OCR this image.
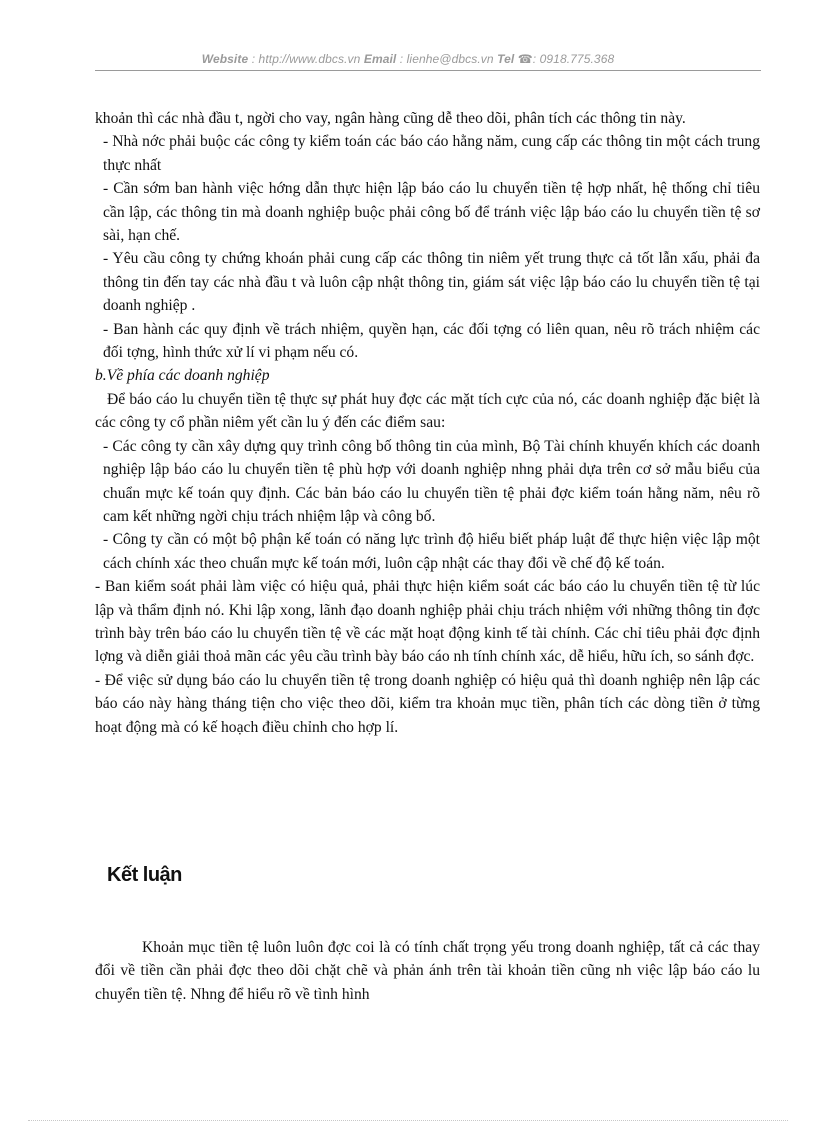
Website : http://www.dbcs.vn Email : lienhe@dbcs.vn Tel ☎: 0918.775.368

khoản thì các nhà đầu t, ngời cho vay, ngân hàng cũng dễ theo dõi, phân tích các thông tin này.

- Nhà nớc phải buộc các công ty kiểm toán các báo cáo hằng năm, cung cấp các thông tin một cách trung thực nhất

- Cần sớm ban hành việc hớng dẫn thực hiện lập báo cáo lu chuyển tiền tệ hợp nhất, hệ thống chỉ tiêu cần lập, các thông tin mà doanh nghiệp buộc phải công bố để tránh việc lập báo cáo lu chuyển tiền tệ sơ sài, hạn chế.

- Yêu cầu công ty chứng khoán phải cung cấp các thông tin niêm yết trung thực cả tốt lẫn xấu, phải đa thông tin đến tay các nhà đầu t và luôn cập nhật thông tin, giám sát việc lập báo cáo lu chuyển tiền tệ tại doanh nghiệp .

- Ban hành các quy định về trách nhiệm, quyền hạn, các đối tợng có liên quan, nêu rõ trách nhiệm các đối tợng, hình thức xử lí vi phạm nếu có.

b.Về phía các doanh nghiệp

Để báo cáo lu chuyển tiền tệ thực sự phát huy đợc các mặt tích cực của nó, các doanh nghiệp đặc biệt là các công ty cổ phần niêm yết cần lu ý đến các điểm sau:

- Các công ty cần xây dựng quy trình công bố thông tin của mình, Bộ Tài chính khuyến khích các doanh nghiệp lập báo cáo lu chuyển tiền tệ phù hợp với doanh nghiệp nhng phải dựa trên cơ sở mẫu biểu của chuẩn mực kế toán quy định. Các bản báo cáo lu chuyển tiền tệ phải đợc kiểm toán hằng năm, nêu rõ cam kết những ngời chịu trách nhiệm lập và công bố.

- Công ty cần có một bộ phận kế toán có năng lực trình độ hiểu biết pháp luật để thực hiện việc lập một cách chính xác theo chuẩn mực kế toán mới, luôn cập nhật các thay đổi về chế độ kế toán.

- Ban kiểm soát phải làm việc có hiệu quả, phải thực hiện kiểm soát các báo cáo lu chuyển tiền tệ từ lúc lập và thẩm định nó. Khi lập xong, lãnh đạo doanh nghiệp phải chịu trách nhiệm với những thông tin đợc trình bày trên báo cáo lu chuyển tiền tệ về các mặt hoạt động kinh tế tài chính. Các chỉ tiêu phải đợc định lợng và diễn giải thoả mãn các yêu cầu trình bày báo cáo nh tính chính xác, dễ hiểu, hữu ích, so sánh đợc.

- Để việc sử dụng báo cáo lu chuyển tiền tệ trong doanh nghiệp có hiệu quả thì doanh nghiệp nên lập các báo cáo này hàng tháng tiện cho việc theo dõi, kiểm tra khoản mục tiền, phân tích các dòng tiền ở từng hoạt động mà có kế hoạch điều chỉnh cho hợp lí.

Kết luận

Khoản mục tiền tệ luôn luôn đợc coi là có tính chất trọng yếu trong doanh nghiệp, tất cả các thay đổi về tiền cần phải đợc theo dõi chặt chẽ và phản ánh trên tài khoản tiền cũng nh việc lập báo cáo lu chuyển tiền tệ. Nhng để hiểu rõ về tình hình
